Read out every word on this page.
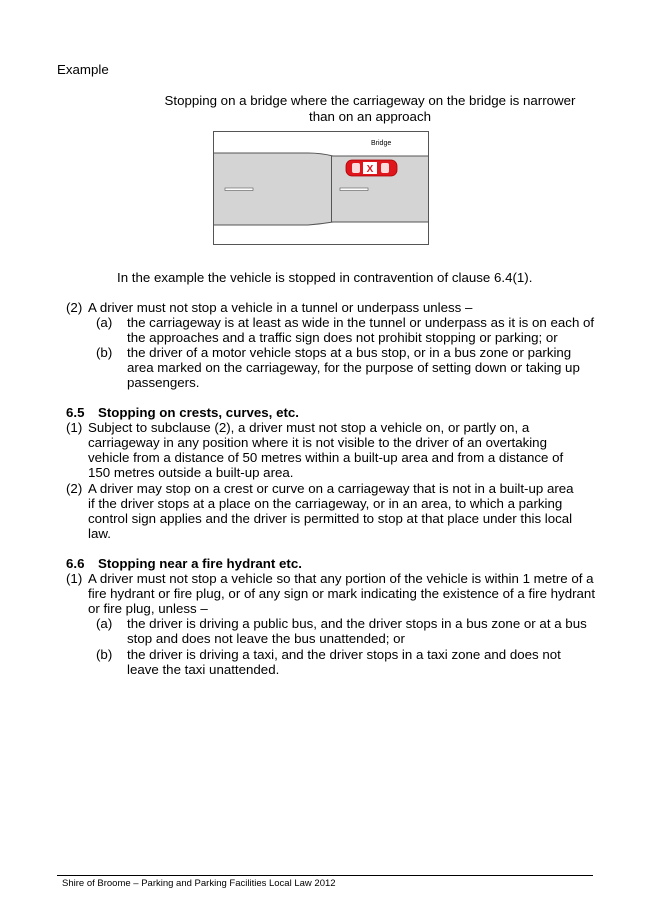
Example
Stopping on a bridge where the carriageway on the bridge is narrower
than on an approach
Bridge
X
In the example the vehicle is stopped in contravention of clause 6.4(1).
(2) A driver must not stop a vehicle in a tunnel or underpass unless –
(a) the carriageway is at least as wide in the tunnel or underpass as it is on each of
the approaches and a traffic sign does not prohibit stopping or parking; or
(b) the driver of a motor vehicle stops at a bus stop, or in a bus zone or parking
area marked on the carriageway, for the purpose of setting down or taking up
passengers.
6.5 Stopping on crests, curves, etc.
(1) Subject to subclause (2), a driver must not stop a vehicle on, or partly on, a
carriageway in any position where it is not visible to the driver of an overtaking
vehicle from a distance of 50 metres within a built-up area and from a distance of
150 metres outside a built-up area.
(2) A driver may stop on a crest or curve on a carriageway that is not in a built-up area
if the driver stops at a place on the carriageway, or in an area, to which a parking
control sign applies and the driver is permitted to stop at that place under this local
law.
6.6 Stopping near a fire hydrant etc.
(1) A driver must not stop a vehicle so that any portion of the vehicle is within 1 metre of a
fire hydrant or fire plug, or of any sign or mark indicating the existence of a fire hydrant
or fire plug, unless –
(a) the driver is driving a public bus, and the driver stops in a bus zone or at a bus
stop and does not leave the bus unattended; or
(b) the driver is driving a taxi, and the driver stops in a taxi zone and does not
leave the taxi unattended.
Shire of Broome – Parking and Parking Facilities Local Law 2012
